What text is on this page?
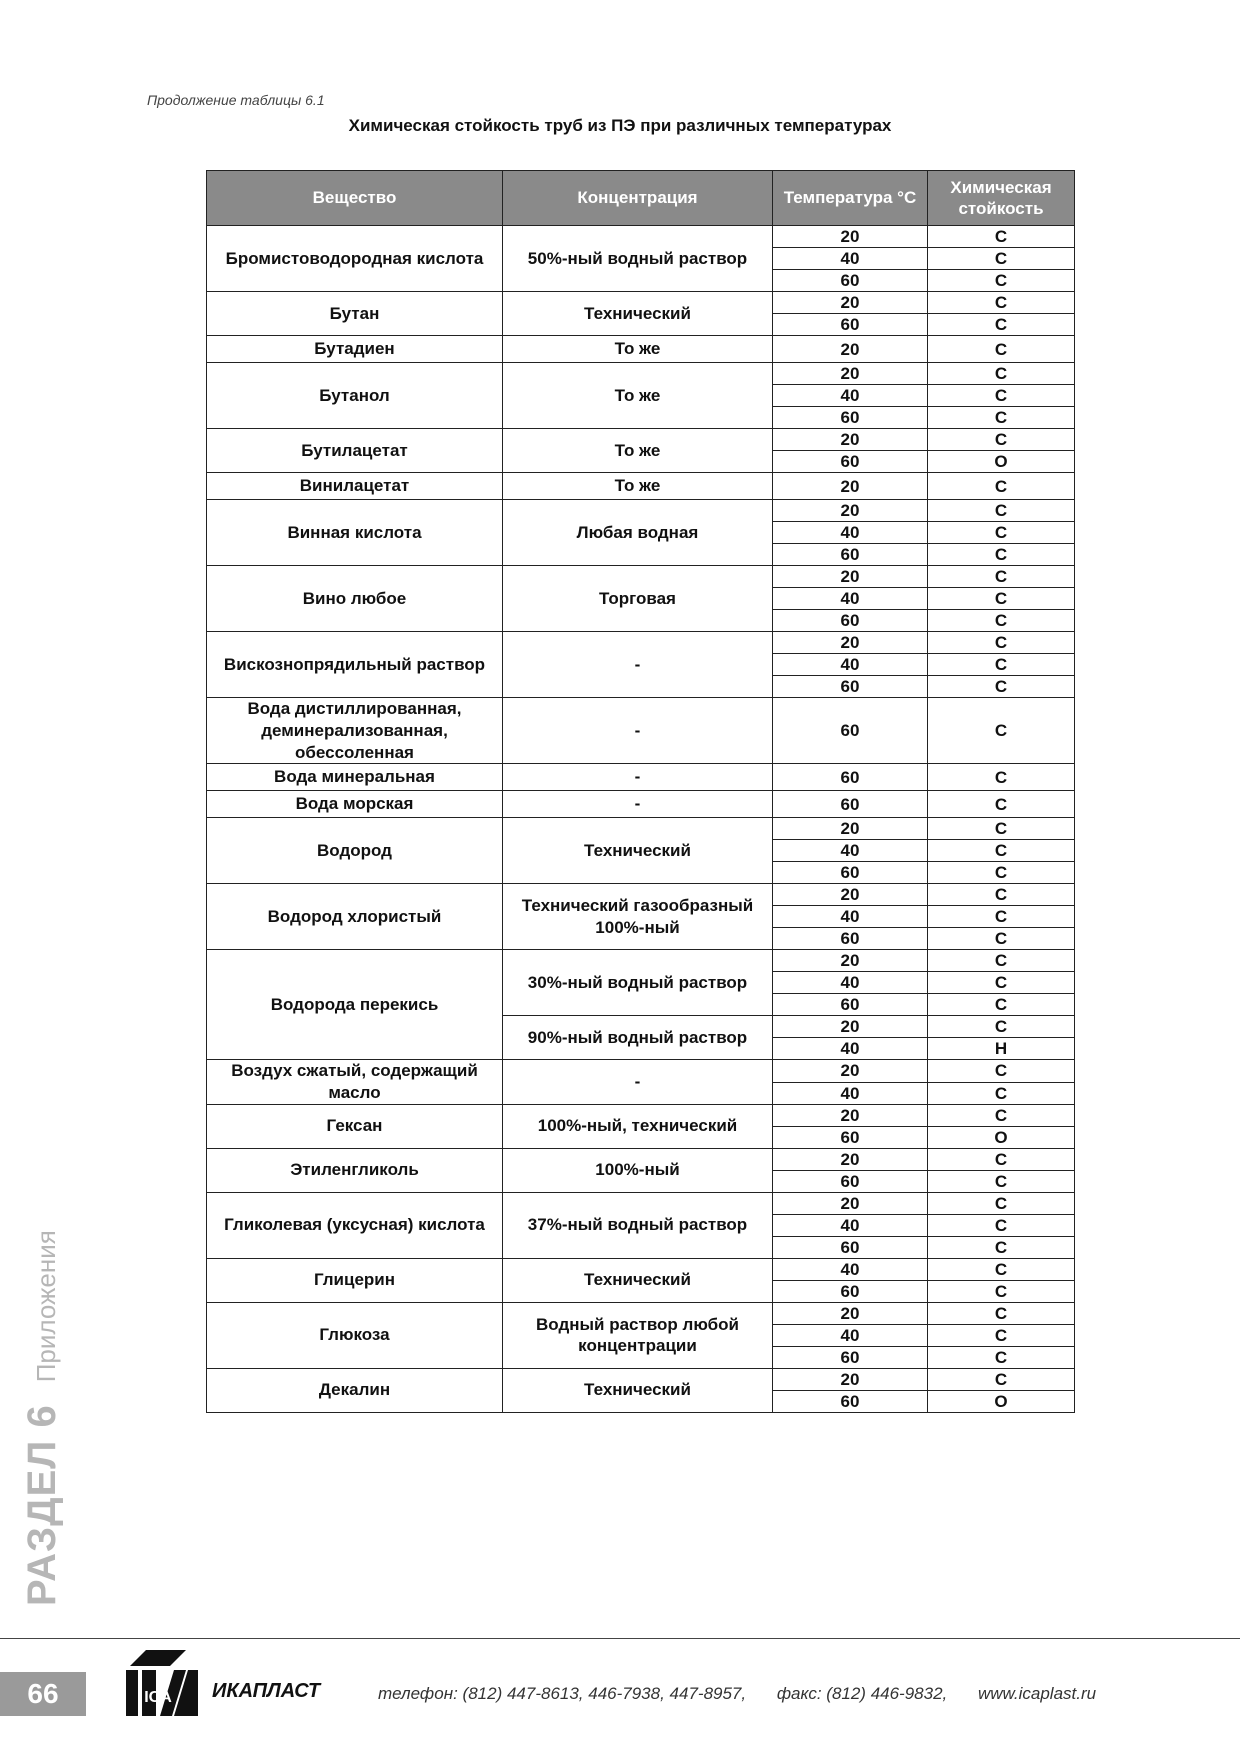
Продолжение таблицы 6.1
Химическая стойкость труб из ПЭ при различных температурах
Вещество	Концентрация	Температура °С	Химическая стойкость
Бромистоводородная кислота	50%-ный водный раствор	20	С
		40	С
		60	С
Бутан	Технический	20	С
		60	С
Бутадиен	То же	20	С
Бутанол	То же	20	С
		40	С
		60	С
Бутилацетат	То же	20	С
		60	О
Винилацетат	То же	20	С
Винная кислота	Любая водная	20	С
		40	С
		60	С
Вино любое	Торговая	20	С
		40	С
		60	С
Вискознопрядильный раствор	-	20	С
		40	С
		60	С
Вода дистиллированная, деминерализованная, обессоленная	-	60	С
Вода минеральная	-	60	С
Вода морская	-	60	С
Водород	Технический	20	С
		40	С
		60	С
Водород хлористый	Технический газообразный 100%-ный	20	С
		40	С
		60	С
Водорода перекись	30%-ный водный раствор	20	С
		40	С
		60	С
	90%-ный водный раствор	20	С
		40	Н
Воздух сжатый, содержащий масло	-	20	С
		40	С
Гексан	100%-ный, технический	20	С
		60	О
Этиленгликоль	100%-ный	20	С
		60	С
Гликолевая (уксусная) кислота	37%-ный водный раствор	20	С
		40	С
		60	С
Глицерин	Технический	40	С
		60	С
Глюкоза	Водный раствор любой концентрации	20	С
		40	С
		60	С
Декалин	Технический	20	С
		60	О
РАЗДЕЛ 6Приложения
66	ICA ИКАПЛАСТ	телефон: (812) 447-8613, 446-7938, 447-8957, факс: (812) 446-9832, www.icaplast.ru
